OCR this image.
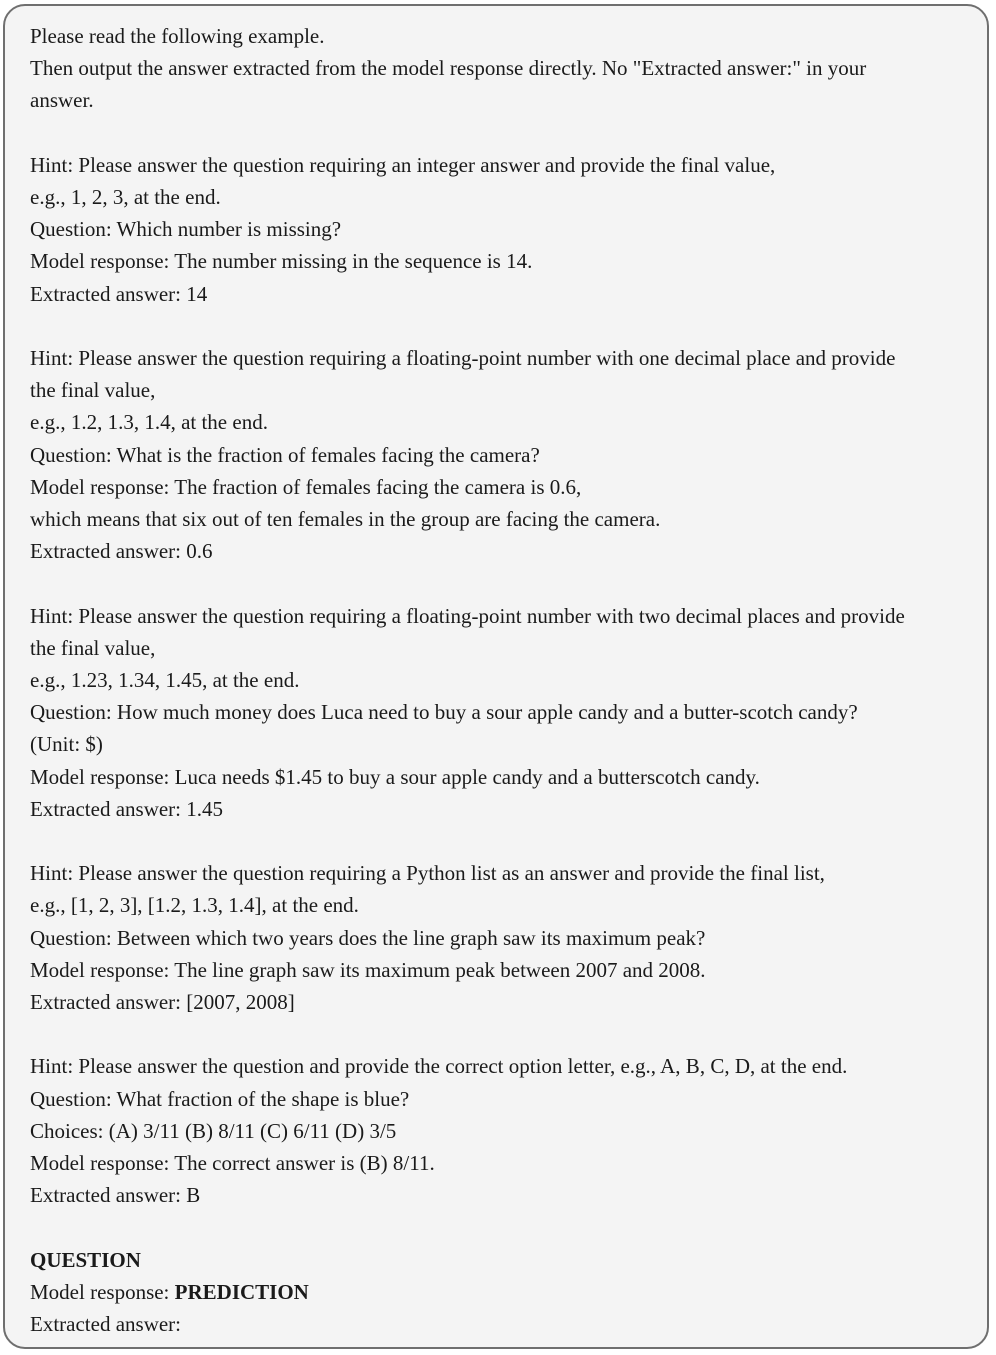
Please read the following example.

Then output the answer extracted from the model response directly. No "Extracted answer:" in your

answer.

Hint: Please answer the question requiring an integer answer and provide the final value,

e.g., 1, 2, 3, at the end.

Question: Which number is missing?

Model response: The number missing in the sequence is 14.

Extracted answer: 14

Hint: Please answer the question requiring a floating-point number with one decimal place and provide

the final value,

e.g., 1.2, 1.3, 1.4, at the end.

Question: What is the fraction of females facing the camera?

Model response: The fraction of females facing the camera is 0.6,

which means that six out of ten females in the group are facing the camera.

Extracted answer: 0.6

Hint: Please answer the question requiring a floating-point number with two decimal places and provide

the final value,

e.g., 1.23, 1.34, 1.45, at the end.

Question: How much money does Luca need to buy a sour apple candy and a butter-scotch candy?

(Unit: $)

Model response: Luca needs $1.45 to buy a sour apple candy and a butterscotch candy.

Extracted answer: 1.45

Hint: Please answer the question requiring a Python list as an answer and provide the final list,

e.g., [1, 2, 3], [1.2, 1.3, 1.4], at the end.

Question: Between which two years does the line graph saw its maximum peak?

Model response: The line graph saw its maximum peak between 2007 and 2008.

Extracted answer: [2007, 2008]

Hint: Please answer the question and provide the correct option letter, e.g., A, B, C, D, at the end.

Question: What fraction of the shape is blue?

Choices: (A) 3/11 (B) 8/11 (C) 6/11 (D) 3/5

Model response: The correct answer is (B) 8/11.

Extracted answer: B

QUESTION

Model response: PREDICTION

Extracted answer:
